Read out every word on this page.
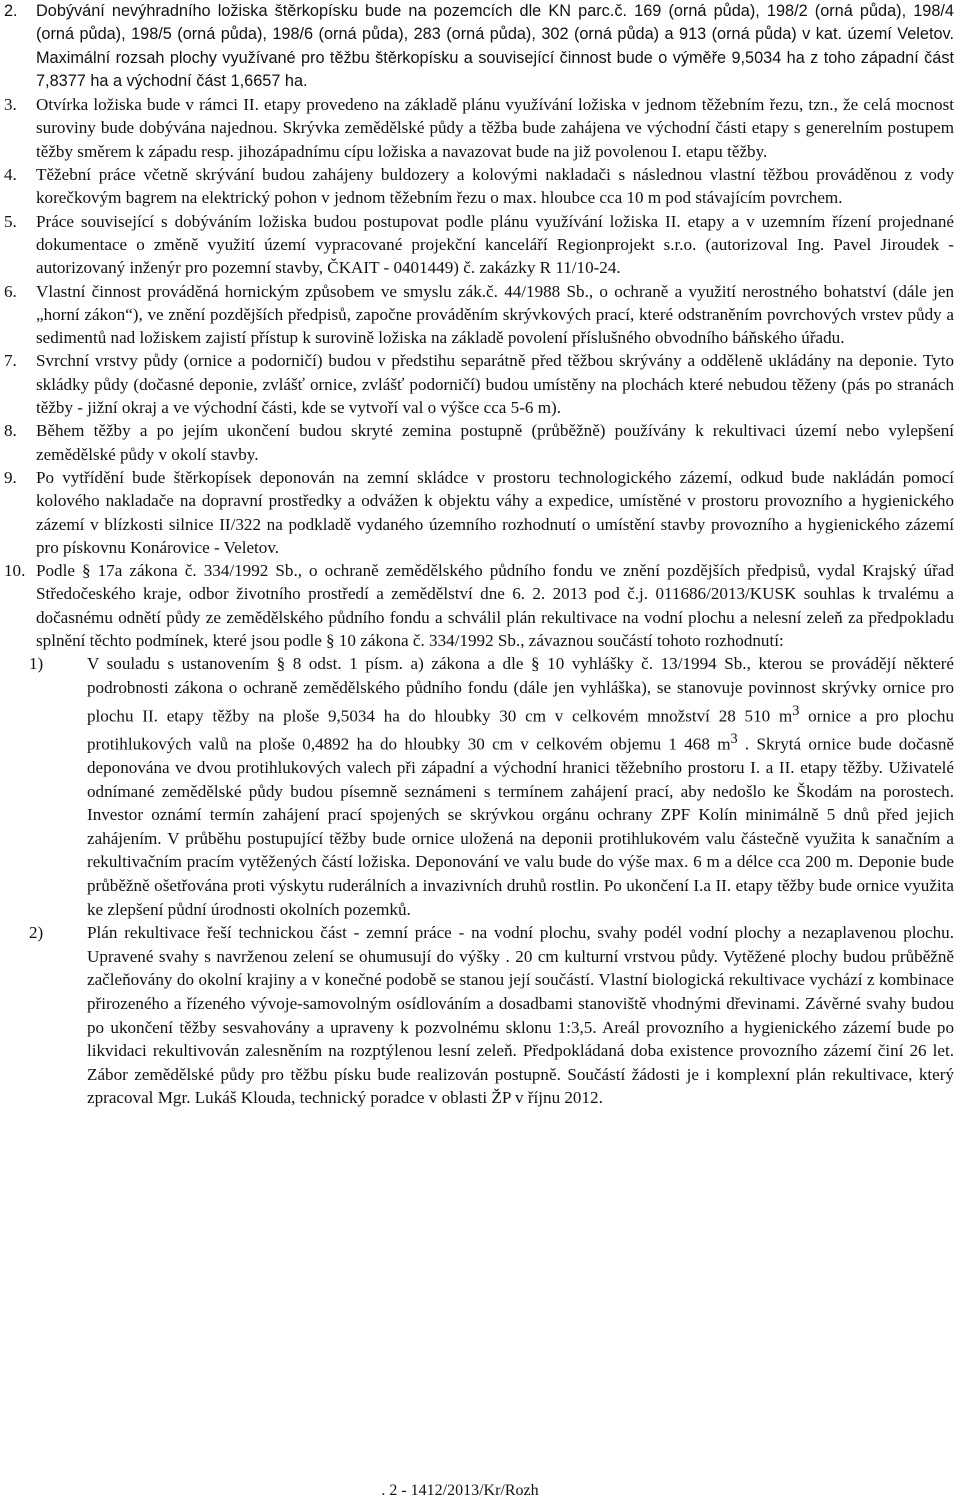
2. Dobývání nevýhradního ložiska štěrkopísku bude na pozemcích dle KN parc.č. 169 (orná půda), 198/2 (orná půda), 198/4 (orná půda), 198/5 (orná půda), 198/6 (orná půda), 283 (orná půda), 302 (orná půda) a 913 (orná půda) v kat. území Veletov. Maximální rozsah plochy využívané pro těžbu štěrkopísku a související činnost bude o výměře 9,5034 ha z toho západní část 7,8377 ha a východní část 1,6657 ha.
3. Otvírka ložiska bude v rámci II. etapy provedeno na základě plánu využívání ložiska v jednom těžebním řezu, tzn., že celá mocnost suroviny bude dobývána najednou. Skrývka zemědělské půdy a těžba bude zahájena ve východní části etapy s generelním postupem těžby směrem k západu resp. jihozápadnímu cípu ložiska a navazovat bude na již povolenou I. etapu těžby.
4. Těžební práce včetně skrývání budou zahájeny buldozery a kolovými nakladači s následnou vlastní těžbou prováděnou z vody korečkovým bagrem na elektrický pohon v jednom těžebním řezu o max. hloubce cca 10 m pod stávajícím povrchem.
5. Práce související s dobýváním ložiska budou postupovat podle plánu využívání ložiska II. etapy a v uzemním řízení projednané dokumentace o změně využití území vypracované projekční kanceláří Regionprojekt s.r.o. (autorizoval Ing. Pavel Jiroudek - autorizovaný inženýr pro pozemní stavby, ČKAIT - 0401449) č. zakázky R 11/10-24.
6. Vlastní činnost prováděná hornickým způsobem ve smyslu zák.č. 44/1988 Sb., o ochraně a využití nerostného bohatství (dále jen „horní zákon“), ve znění pozdějších předpisů, započne prováděním skrývkových prací, které odstraněním povrchových vrstev půdy a sedimentů nad ložiskem zajistí přístup k surovině ložiska na základě povolení příslušného obvodního báňského úřadu.
7. Svrchní vrstvy půdy (ornice a podorničí) budou v předstihu separátně před těžbou skrývány a odděleně ukládány na deponie. Tyto skládky půdy (dočasné deponie, zvlášť ornice, zvlášť podorničí) budou umístěny na plochách které nebudou těženy (pás po stranách těžby - jižní okraj a ve východní části, kde se vytvoří val o výšce cca 5-6 m).
8. Během těžby a po jejím ukončení budou skryté zemina postupně (průběžně) používány k rekultivaci území nebo vylepšení zemědělské půdy v okolí stavby.
9. Po vytřídění bude štěrkopísek deponován na zemní skládce v prostoru technologického zázemí, odkud bude nakládán pomocí kolového nakladače na dopravní prostředky a odvážen k objektu váhy a expedice, umístěné v prostoru provozního a hygienického zázemí v blízkosti silnice II/322 na podkladě vydaného územního rozhodnutí o umístění stavby provozního a hygienického zázemí pro pískovnu Konárovice - Veletov.
10. Podle § 17a zákona č. 334/1992 Sb., o ochraně zemědělského půdního fondu ve znění pozdějších předpisů, vydal Krajský úřad Středočeského kraje, odbor životního prostředí a zemědělství dne 6. 2. 2013 pod č.j. 011686/2013/KUSK souhlas k trvalému a dočasnému odnětí půdy ze zemědělského půdního fondu a schválil plán rekultivace na vodní plochu a nelesní zeleň za předpokladu splnění těchto podmínek, které jsou podle § 10 zákona č. 334/1992 Sb., závaznou součástí tohoto rozhodnutí:
1)	V souladu s ustanovením § 8 odst. 1 písm. a) zákona a dle § 10 vyhlášky č. 13/1994 Sb., kterou se provádějí některé podrobnosti zákona o ochraně zemědělského půdního fondu (dále jen vyhláška), se stanovuje povinnost skrývky ornice pro plochu II. etapy těžby na ploše 9,5034 ha do hloubky 30 cm v celkovém množství 28 510 $m^3$ ornice a pro plochu protihlukových valů na ploše 0,4892 ha do hloubky 30 cm v celkovém objemu 1 468 $m^3$ . Skrytá ornice bude dočasně deponována ve dvou protihlukových valech při západní a východní hranici těžebního prostoru I. a II. etapy těžby. Uživatelé odnímané zemědělské půdy budou písemně seznámeni s termínem zahájení prací, aby nedošlo ke Škodám na porostech. Investor oznámí termín zahájení prací spojených se skrývkou orgánu ochrany ZPF Kolín minimálně 5 dnů před jejich zahájením. V průběhu postupující těžby bude ornice uložená na deponii protihlukovém valu částečně využita k sanačním a rekultivačním pracím vytěžených částí ložiska. Deponování ve valu bude do výše max. 6 m a délce cca 200 m. Deponie bude průběžně ošetřována proti výskytu ruderálních a invazivních druhů rostlin. Po ukončení I.a II. etapy těžby bude ornice využita ke zlepšení půdní úrodnosti okolních pozemků.
2)	Plán rekultivace řeší technickou část - zemní práce - na vodní plochu, svahy podél vodní plochy a nezaplavenou plochu. Upravené svahy s navrženou zelení se ohumusují do výšky . 20 cm kulturní vrstvou půdy. Vytěžené plochy budou průběžně začleňovány do okolní krajiny a v konečné podobě se stanou její součástí. Vlastní biologická rekultivace vychází z kombinace přirozeného a řízeného vývoje-samovolným osídlováním a dosadbami stanoviště vhodnými dřevinami. Závěrné svahy budou po ukončení těžby sesvahovány a upraveny k pozvolnému sklonu 1:3,5. Areál provozního a hygienického zázemí bude po likvidaci rekultivován zalesněním na rozptýlenou lesní zeleň. Předpokládaná doba existence provozního zázemí činí 26 let. Zábor zemědělské půdy pro těžbu písku bude realizován postupně. Součástí žádosti je i komplexní plán rekultivace, který zpracoval Mgr. Lukáš Klouda, technický poradce v oblasti ŽP v říjnu 2012.
. 2 - 1412/2013/Kr/Rozh
